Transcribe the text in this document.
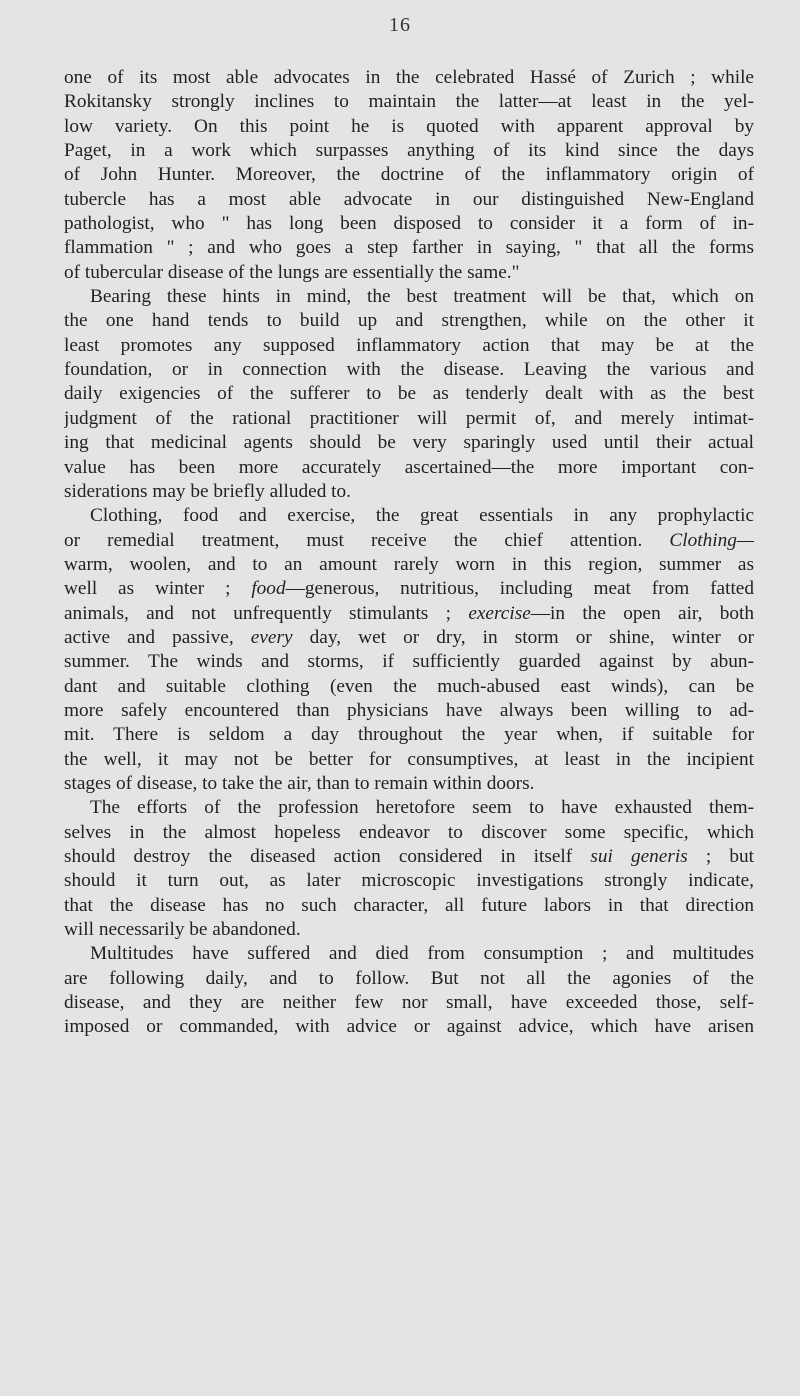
16
one of its most able advocates in the celebrated Hassé of Zurich ; while
Rokitansky strongly inclines to maintain the latter—at least in the yel-
low variety. On this point he is quoted with apparent approval by
Paget, in a work which surpasses anything of its kind since the days
of John Hunter. Moreover, the doctrine of the inflammatory origin of
tubercle has a most able advocate in our distinguished New-England
pathologist, who " has long been disposed to consider it a form of in-
flammation " ; and who goes a step farther in saying, " that all the forms
of tubercular disease of the lungs are essentially the same."
Bearing these hints in mind, the best treatment will be that, which on
the one hand tends to build up and strengthen, while on the other it
least promotes any supposed inflammatory action that may be at the
foundation, or in connection with the disease. Leaving the various and
daily exigencies of the sufferer to be as tenderly dealt with as the best
judgment of the rational practitioner will permit of, and merely intimat-
ing that medicinal agents should be very sparingly used until their actual
value has been more accurately ascertained—the more important con-
siderations may be briefly alluded to.
Clothing, food and exercise, the great essentials in any prophylactic
or remedial treatment, must receive the chief attention. Clothing—
warm, woolen, and to an amount rarely worn in this region, summer as
well as winter ; food—generous, nutritious, including meat from fatted
animals, and not unfrequently stimulants ; exercise—in the open air, both
active and passive, every day, wet or dry, in storm or shine, winter or
summer. The winds and storms, if sufficiently guarded against by abun-
dant and suitable clothing (even the much-abused east winds), can be
more safely encountered than physicians have always been willing to ad-
mit. There is seldom a day throughout the year when, if suitable for
the well, it may not be better for consumptives, at least in the incipient
stages of disease, to take the air, than to remain within doors.
The efforts of the profession heretofore seem to have exhausted them-
selves in the almost hopeless endeavor to discover some specific, which
should destroy the diseased action considered in itself sui generis ; but
should it turn out, as later microscopic investigations strongly indicate,
that the disease has no such character, all future labors in that direction
will necessarily be abandoned.
Multitudes have suffered and died from consumption ; and multitudes
are following daily, and to follow. But not all the agonies of the
disease, and they are neither few nor small, have exceeded those, self-
imposed or commanded, with advice or against advice, which have arisen
